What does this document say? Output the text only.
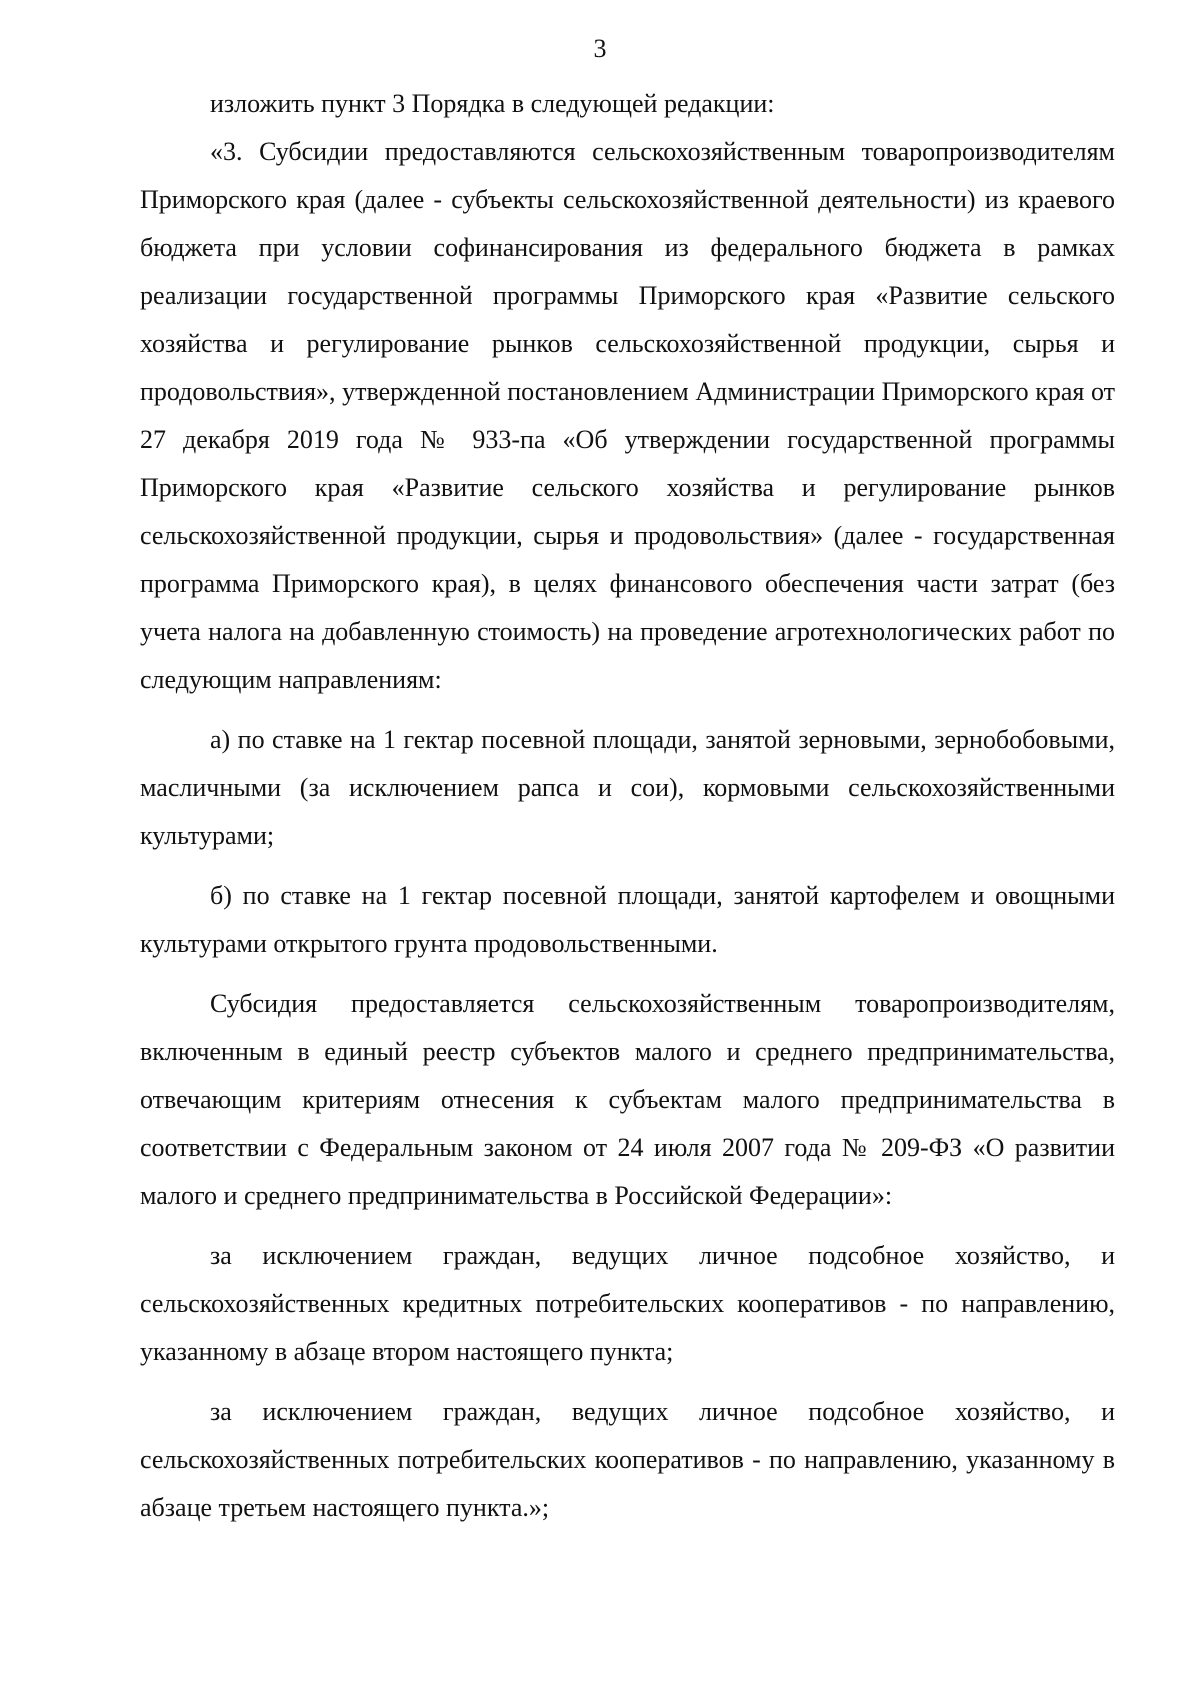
3

изложить пункт 3 Порядка в следующей редакции:

«3. Субсидии предоставляются сельскохозяйственным товаропроизводителям Приморского края (далее - субъекты сельскохозяйственной деятельности) из краевого бюджета при условии софинансирования из федерального бюджета в рамках реализации государственной программы Приморского края «Развитие сельского хозяйства и регулирование рынков сельскохозяйственной продукции, сырья и продовольствия», утвержденной постановлением Администрации Приморского края от 27 декабря 2019 года № 933-па «Об утверждении государственной программы Приморского края «Развитие сельского хозяйства и регулирование рынков сельскохозяйственной продукции, сырья и продовольствия» (далее - государственная программа Приморского края), в целях финансового обеспечения части затрат (без учета налога на добавленную стоимость) на проведение агротехнологических работ по следующим направлениям:

а) по ставке на 1 гектар посевной площади, занятой зерновыми, зернобобовыми, масличными (за исключением рапса и сои), кормовыми сельскохозяйственными культурами;

б) по ставке на 1 гектар посевной площади, занятой картофелем и овощными культурами открытого грунта продовольственными.

Субсидия предоставляется сельскохозяйственным товаропроизводителям, включенным в единый реестр субъектов малого и среднего предпринимательства, отвечающим критериям отнесения к субъектам малого предпринимательства в соответствии с Федеральным законом от 24 июля 2007 года № 209-ФЗ «О развитии малого и среднего предпринимательства в Российской Федерации»:

за исключением граждан, ведущих личное подсобное хозяйство, и сельскохозяйственных кредитных потребительских кооперативов - по направлению, указанному в абзаце втором настоящего пункта;

за исключением граждан, ведущих личное подсобное хозяйство, и сельскохозяйственных потребительских кооперативов - по направлению, указанному в абзаце третьем настоящего пункта.»;
